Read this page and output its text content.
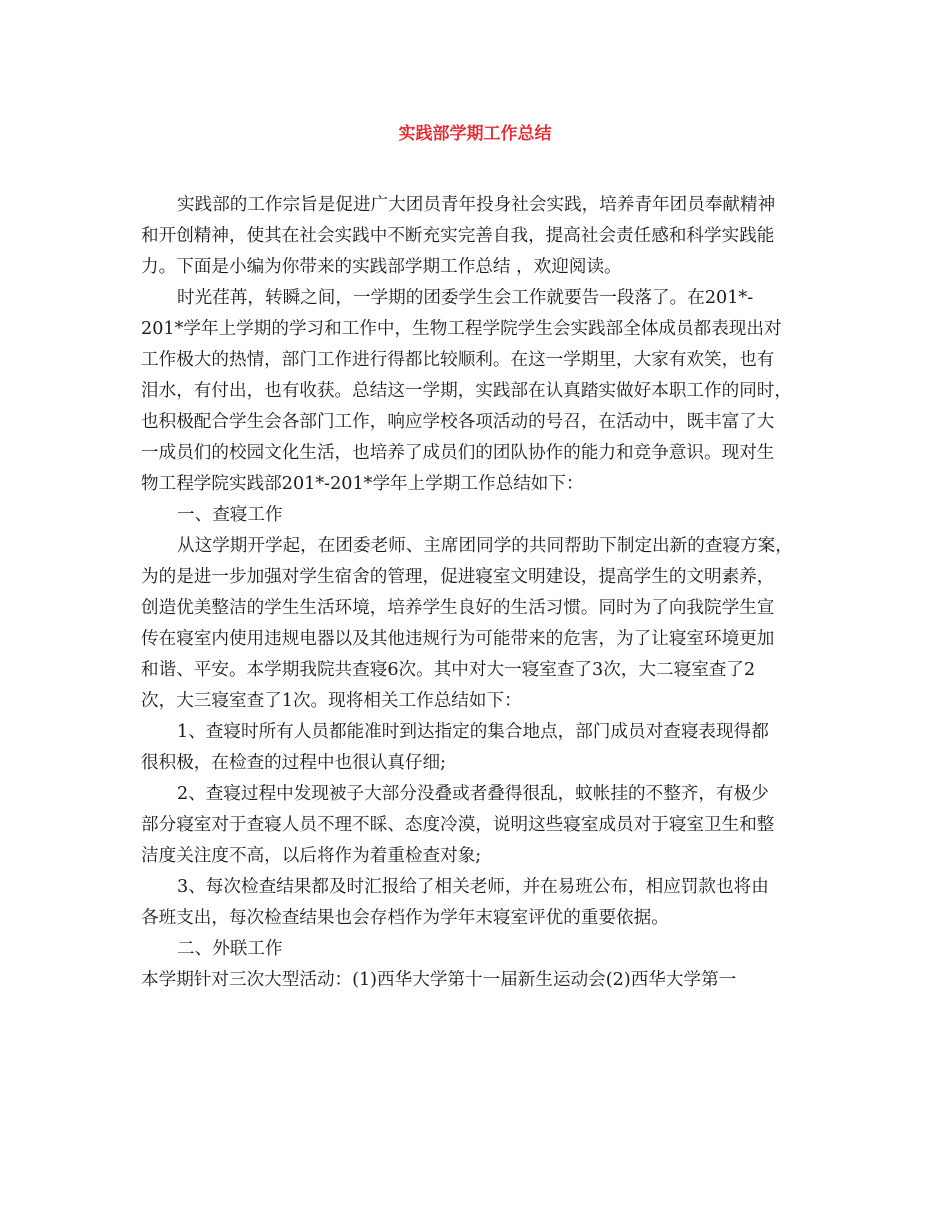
实践部学期工作总结
实践部的工作宗旨是促进广大团员青年投身社会实践，培养青年团员奉献精神
和开创精神，使其在社会实践中不断充实完善自我，提高社会责任感和科学实践能
力。下面是小编为你带来的实践部学期工作总结 ，欢迎阅读。
时光荏苒，转瞬之间，一学期的团委学生会工作就要告一段落了。在201*-
201*学年上学期的学习和工作中，生物工程学院学生会实践部全体成员都表现出对
工作极大的热情，部门工作进行得都比较顺利。在这一学期里，大家有欢笑，也有
泪水，有付出，也有收获。总结这一学期，实践部在认真踏实做好本职工作的同时，
也积极配合学生会各部门工作，响应学校各项活动的号召，在活动中，既丰富了大
一成员们的校园文化生活，也培养了成员们的团队协作的能力和竞争意识。现对生
物工程学院实践部201*-201*学年上学期工作总结如下：
一、查寝工作
从这学期开学起，在团委老师、主席团同学的共同帮助下制定出新的查寝方案，
为的是进一步加强对学生宿舍的管理，促进寝室文明建设，提高学生的文明素养，
创造优美整洁的学生生活环境，培养学生良好的生活习惯。同时为了向我院学生宣
传在寝室内使用违规电器以及其他违规行为可能带来的危害，为了让寝室环境更加
和谐、平安。本学期我院共查寝6次。其中对大一寝室查了3次，大二寝室查了2
次，大三寝室查了1次。现将相关工作总结如下：
1、查寝时所有人员都能准时到达指定的集合地点，部门成员对查寝表现得都
很积极，在检查的过程中也很认真仔细;
2、查寝过程中发现被子大部分没叠或者叠得很乱，蚊帐挂的不整齐，有极少
部分寝室对于查寝人员不理不睬、态度冷漠，说明这些寝室成员对于寝室卫生和整
洁度关注度不高，以后将作为着重检查对象;
3、每次检查结果都及时汇报给了相关老师，并在易班公布，相应罚款也将由
各班支出，每次检查结果也会存档作为学年末寝室评优的重要依据。
二、外联工作
本学期针对三次大型活动：(1)西华大学第十一届新生运动会(2)西华大学第一
